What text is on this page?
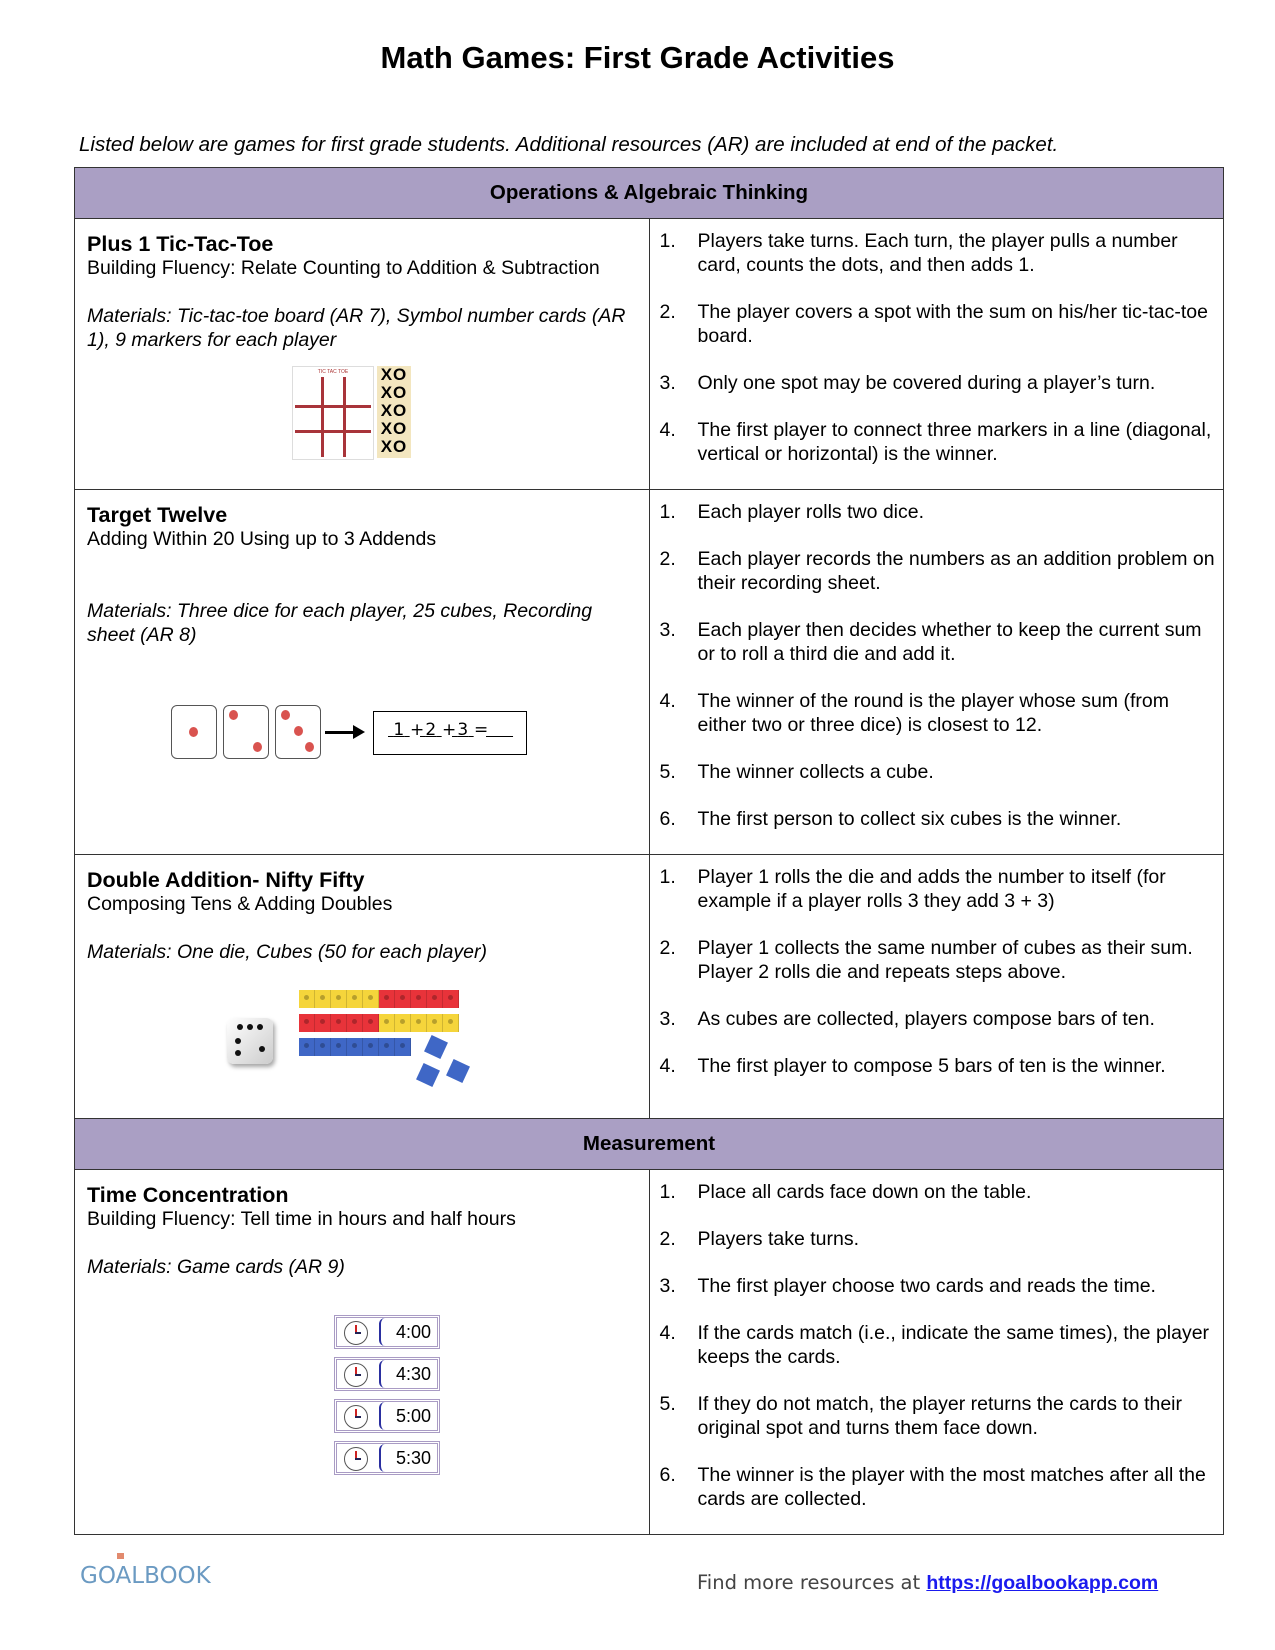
Math Games: First Grade Activities
Listed below are games for first grade students. Additional resources (AR) are included at end of the packet.
Operations & Algebraic Thinking	

Plus 1 Tic-Tac-Toe
Building Fluency: Relate Counting to Addition & Subtraction
Materials: Tic-tac-toe board (AR 7), Symbol number cards (AR 1), 9 markers for each player
TIC TAC TOE	XO
XO
XO
XO
XO

1.	Players take turns. Each turn, the player pulls a number card, counts the dots, and then adds 1.
2.	The player covers a spot with the sum on his/her tic-tac-toe board.
3.	Only one spot may be covered during a player’s turn.
4.	The first player to connect three markers in a line (diagonal, vertical or horizontal) is the winner.

Target Twelve
Adding Within 20 Using up to 3 Addends
Materials: Three dice for each player, 25 cubes, Recording sheet (AR 8)
1 + 2 + 3 =

1.	Each player rolls two dice.
2.	Each player records the numbers as an addition problem on their recording sheet.
3.	Each player then decides whether to keep the current sum or to roll a third die and add it.
4.	The winner of the round is the player whose sum (from either two or three dice) is closest to 12.
5.	The winner collects a cube.
6.	The first person to collect six cubes is the winner.

Double Addition- Nifty Fifty
Composing Tens & Adding Doubles
Materials: One die, Cubes (50 for each player)

1.	Player 1 rolls the die and adds the number to itself (for example if a player rolls 3 they add 3 + 3)
2.	Player 1 collects the same number of cubes as their sum. Player 2 rolls die and repeats steps above.
3.	As cubes are collected, players compose bars of ten.
4.	The first player to compose 5 bars of ten is the winner.

Measurement	

Time Concentration
Building Fluency: Tell time in hours and half hours
Materials: Game cards (AR 9)
4:00
4:30
5:00
5:30

1.	Place all cards face down on the table.
2.	Players take turns.
3.	The first player choose two cards and reads the time.
4.	If the cards match (i.e., indicate the same times), the player keeps the cards.
5.	If they do not match, the player returns the cards to their original spot and turns them face down.
6.	The winner is the player with the most matches after all the cards are collected.
GOALBOOK	Find more resources at https://goalbookapp.com
